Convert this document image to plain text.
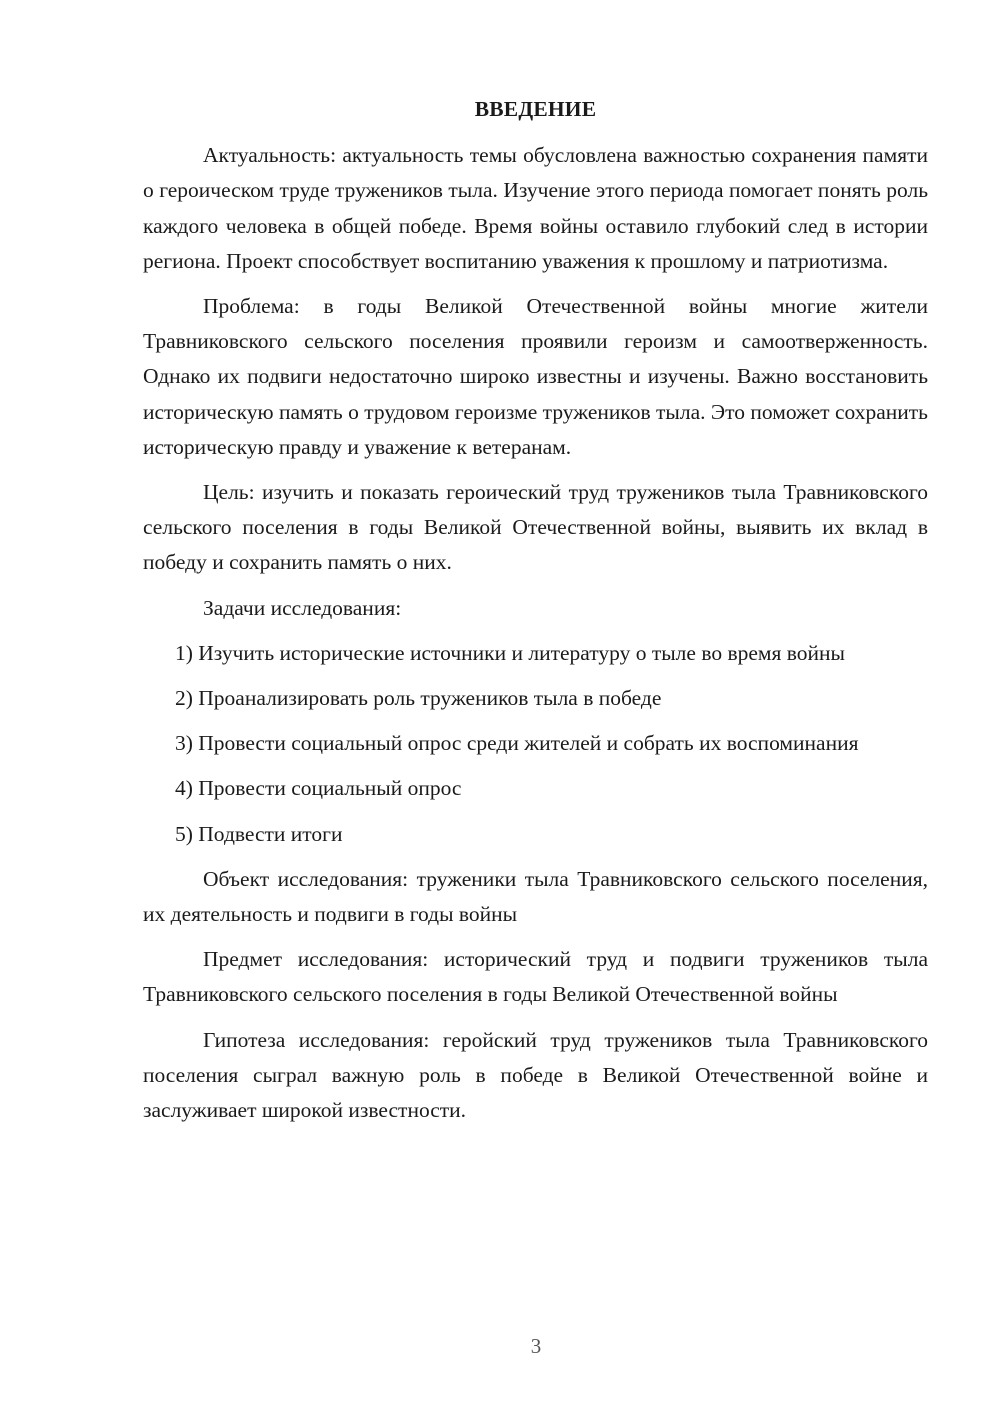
ВВЕДЕНИЕ

Актуальность: актуальность темы обусловлена важностью сохранения памяти о героическом труде тружеников тыла. Изучение этого периода помогает понять роль каждого человека в общей победе. Время войны оставило глубокий след в истории региона. Проект способствует воспитанию уважения к прошлому и патриотизма.

Проблема: в годы Великой Отечественной войны многие жители Травниковского сельского поселения проявили героизм и самоотверженность. Однако их подвиги недостаточно широко известны и изучены. Важно восстановить историческую память о трудовом героизме тружеников тыла. Это поможет сохранить историческую правду и уважение к ветеранам.

Цель: изучить и показать героический труд тружеников тыла Травниковского сельского поселения в годы Великой Отечественной войны, выявить их вклад в победу и сохранить память о них.

Задачи исследования:

1) Изучить исторические источники и литературу о тыле во время войны

2) Проанализировать роль тружеников тыла в победе

3) Провести социальный опрос среди жителей и собрать их воспоминания

4) Провести социальный опрос

5) Подвести итоги

Объект исследования: труженики тыла Травниковского сельского поселения, их деятельность и подвиги в годы войны

Предмет исследования: исторический труд и подвиги тружеников тыла Травниковского сельского поселения в годы Великой Отечественной войны

Гипотеза исследования: геройский труд тружеников тыла Травниковского поселения сыграл важную роль в победе в Великой Отечественной войне и заслуживает широкой известности.

3
